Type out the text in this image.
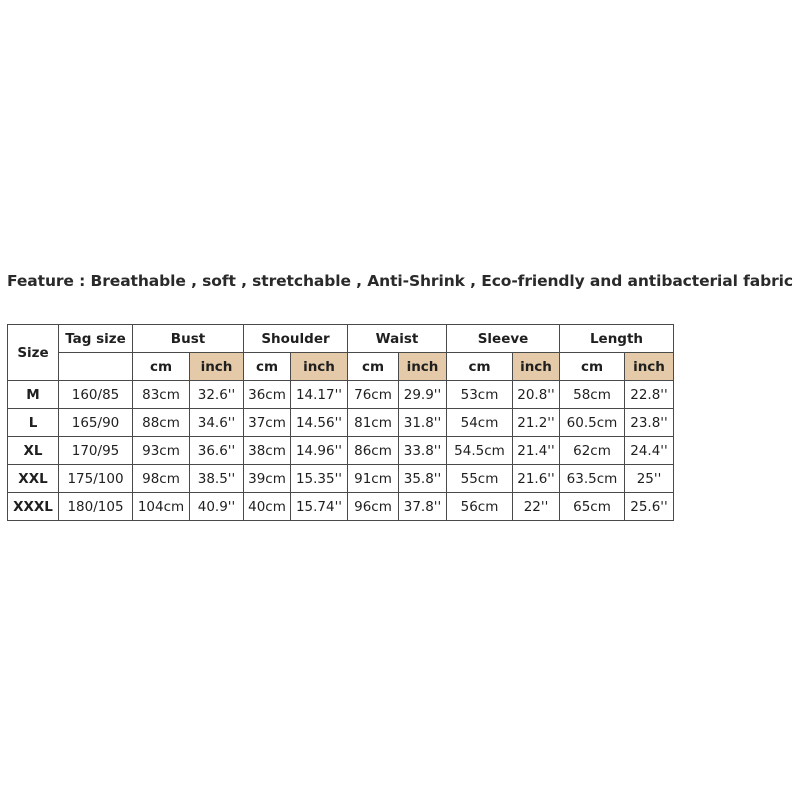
Feature : Breathable , soft , stretchable , Anti-Shrink , Eco-friendly and antibacterial fabric
Size	Tag size	Bust		Shoulder		Waist		Sleeve		Length	
		cm	inch	cm	inch	cm	inch	cm	inch	cm	inch
M	160/85	83cm	32.6''	36cm	14.17''	76cm	29.9''	53cm	20.8''	58cm	22.8''
L	165/90	88cm	34.6''	37cm	14.56''	81cm	31.8''	54cm	21.2''	60.5cm	23.8''
XL	170/95	93cm	36.6''	38cm	14.96''	86cm	33.8''	54.5cm	21.4''	62cm	24.4''
XXL	175/100	98cm	38.5''	39cm	15.35''	91cm	35.8''	55cm	21.6''	63.5cm	25''
XXXL	180/105	104cm	40.9''	40cm	15.74''	96cm	37.8''	56cm	22''	65cm	25.6''
